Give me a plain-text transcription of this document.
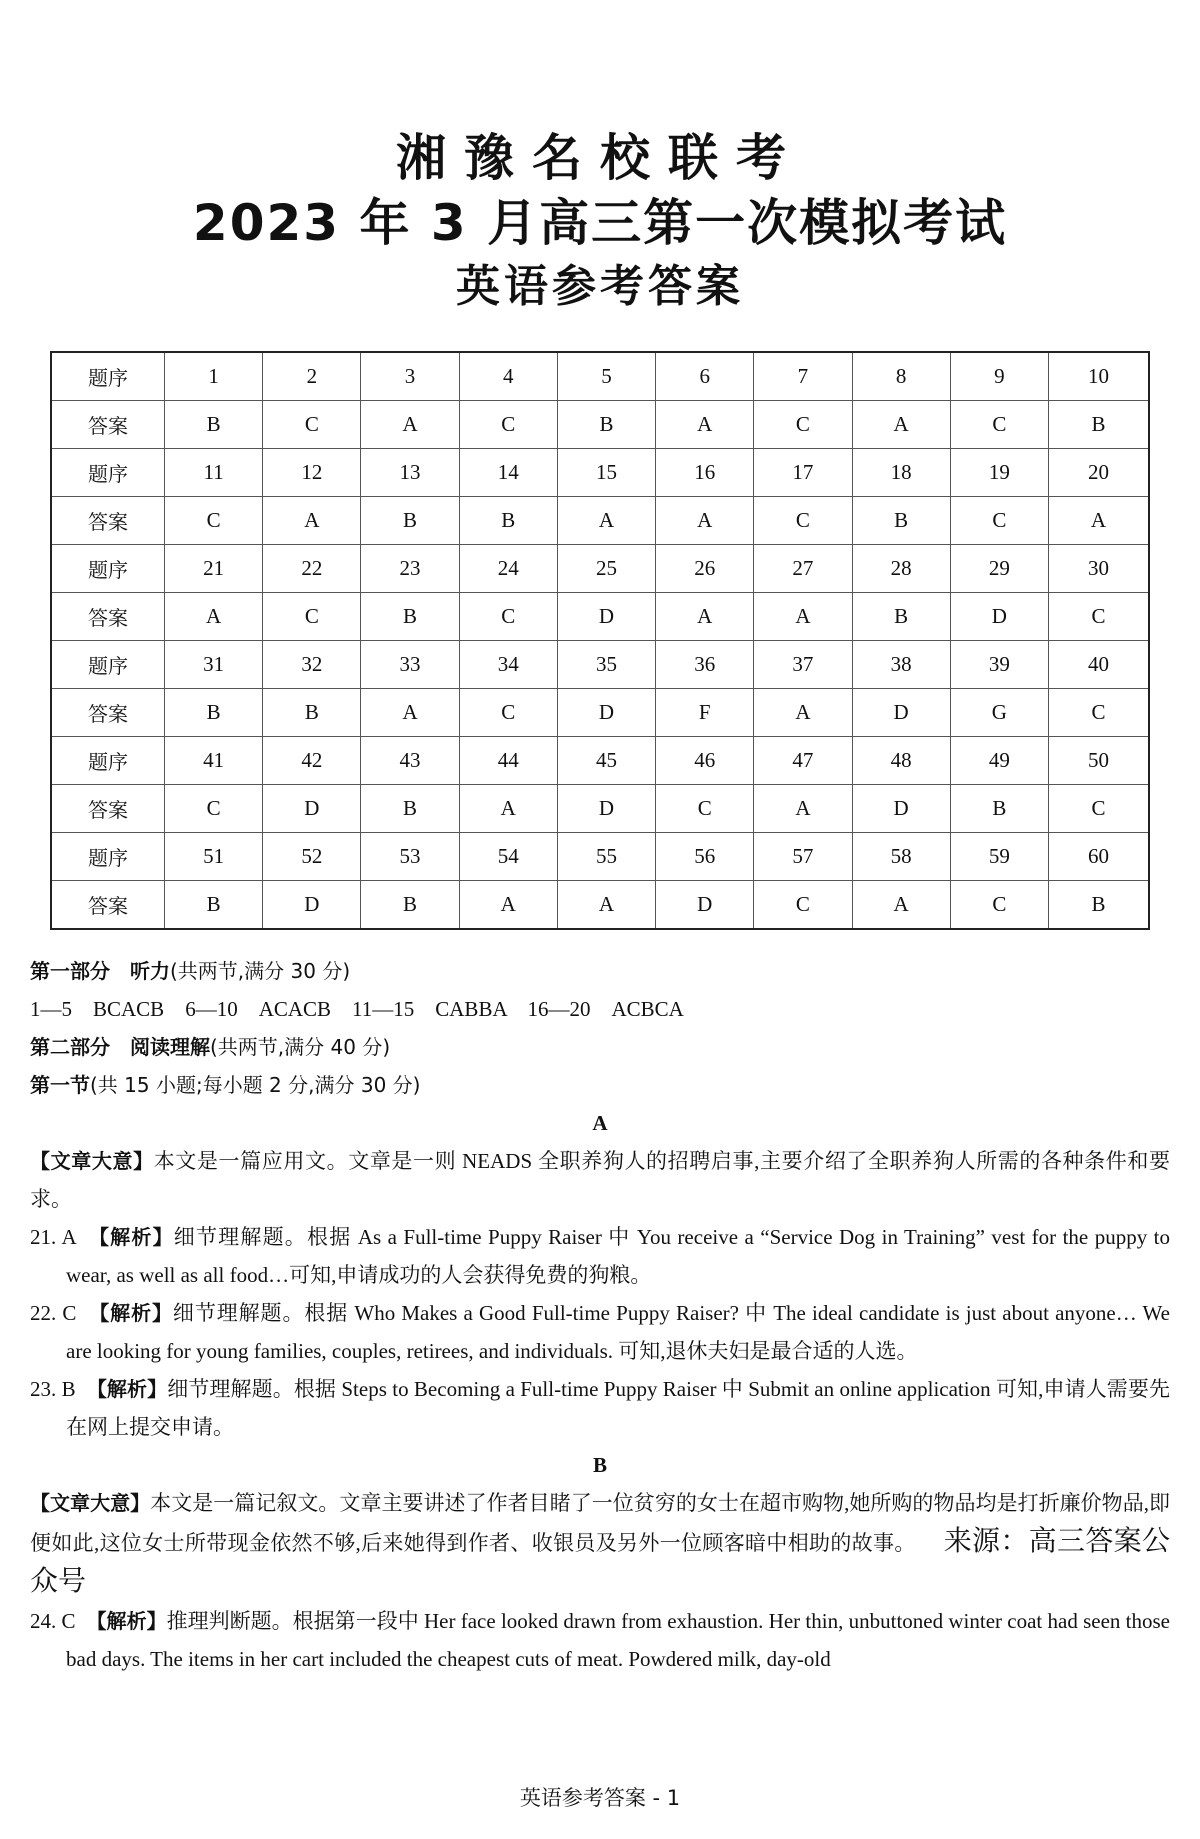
湘豫名校联考
2023 年 3 月高三第一次模拟考试
英语参考答案
题序	1	2	3	4	5	6	7	8	9	10
答案	B	C	A	C	B	A	C	A	C	B
题序	11	12	13	14	15	16	17	18	19	20
答案	C	A	B	B	A	A	C	B	C	A
题序	21	22	23	24	25	26	27	28	29	30
答案	A	C	B	C	D	A	A	B	D	C
题序	31	32	33	34	35	36	37	38	39	40
答案	B	B	A	C	D	F	A	D	G	C
题序	41	42	43	44	45	46	47	48	49	50
答案	C	D	B	A	D	C	A	D	B	C
题序	51	52	53	54	55	56	57	58	59	60
答案	B	D	B	A	A	D	C	A	C	B

第一部分　听力(共两节,满分 30 分)

1—5　BCACB　6—10　ACACB　11—15　CABBA　16—20　ACBCA

第二部分　阅读理解(共两节,满分 40 分)

第一节(共 15 小题;每小题 2 分,满分 30 分)

A

【文章大意】本文是一篇应用文。文章是一则 NEADS 全职养狗人的招聘启事,主要介绍了全职养狗人所需的各种条件和要求。

21. A　【解析】细节理解题。根据 As a Full-time Puppy Raiser 中 You receive a “Service Dog in Training” vest for the puppy to wear, as well as all food…可知,申请成功的人会获得免费的狗粮。

22. C　【解析】细节理解题。根据 Who Makes a Good Full-time Puppy Raiser? 中 The ideal candidate is just about anyone… We are looking for young families, couples, retirees, and individuals. 可知,退休夫妇是最合适的人选。

23. B　【解析】细节理解题。根据 Steps to Becoming a Full-time Puppy Raiser 中 Submit an online application 可知,申请人需要先在网上提交申请。

B

【文章大意】本文是一篇记叙文。文章主要讲述了作者目睹了一位贫穷的女士在超市购物,她所购的物品均是打折廉价物品,即便如此,这位女士所带现金依然不够,后来她得到作者、收银员及另外一位顾客暗中相助的故事。 来源：高三答案公众号

24. C　【解析】推理判断题。根据第一段中 Her face looked drawn from exhaustion. Her thin, unbuttoned winter coat had seen those bad days. The items in her cart included the cheapest cuts of meat. Powdered milk, day-old

英语参考答案 - 1
